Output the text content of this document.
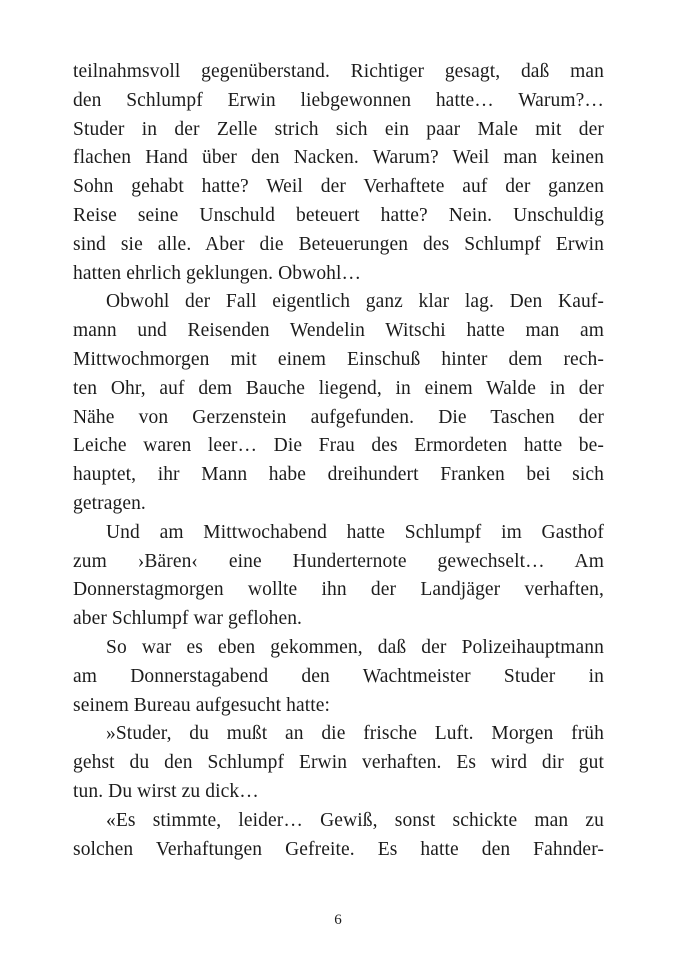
teilnahmsvoll gegenüberstand. Richtiger gesagt, daß man
den Schlumpf Erwin liebgewonnen hatte… Warum?…
Studer in der Zelle strich sich ein paar Male mit der
flachen Hand über den Nacken. Warum? Weil man keinen
Sohn gehabt hatte? Weil der Verhaftete auf der ganzen
Reise seine Unschuld beteuert hatte? Nein. Unschuldig
sind sie alle. Aber die Beteuerungen des Schlumpf Erwin
hatten ehrlich geklungen. Obwohl…
Obwohl der Fall eigentlich ganz klar lag. Den Kauf-
mann und Reisenden Wendelin Witschi hatte man am
Mittwochmorgen mit einem Einschuß hinter dem rech-
ten Ohr, auf dem Bauche liegend, in einem Walde in der
Nähe von Gerzenstein aufgefunden. Die Taschen der
Leiche waren leer… Die Frau des Ermordeten hatte be-
hauptet, ihr Mann habe dreihundert Franken bei sich
getragen.
Und am Mittwochabend hatte Schlumpf im Gasthof
zum ›Bären‹ eine Hunderternote gewechselt… Am
Donnerstagmorgen wollte ihn der Landjäger verhaften,
aber Schlumpf war geflohen.
So war es eben gekommen, daß der Polizeihauptmann
am Donnerstagabend den Wachtmeister Studer in
seinem Bureau aufgesucht hatte:
»Studer, du mußt an die frische Luft. Morgen früh
gehst du den Schlumpf Erwin verhaften. Es wird dir gut
tun. Du wirst zu dick…
«Es stimmte, leider… Gewiß, sonst schickte man zu
solchen Verhaftungen Gefreite. Es hatte den Fahnder-
6
